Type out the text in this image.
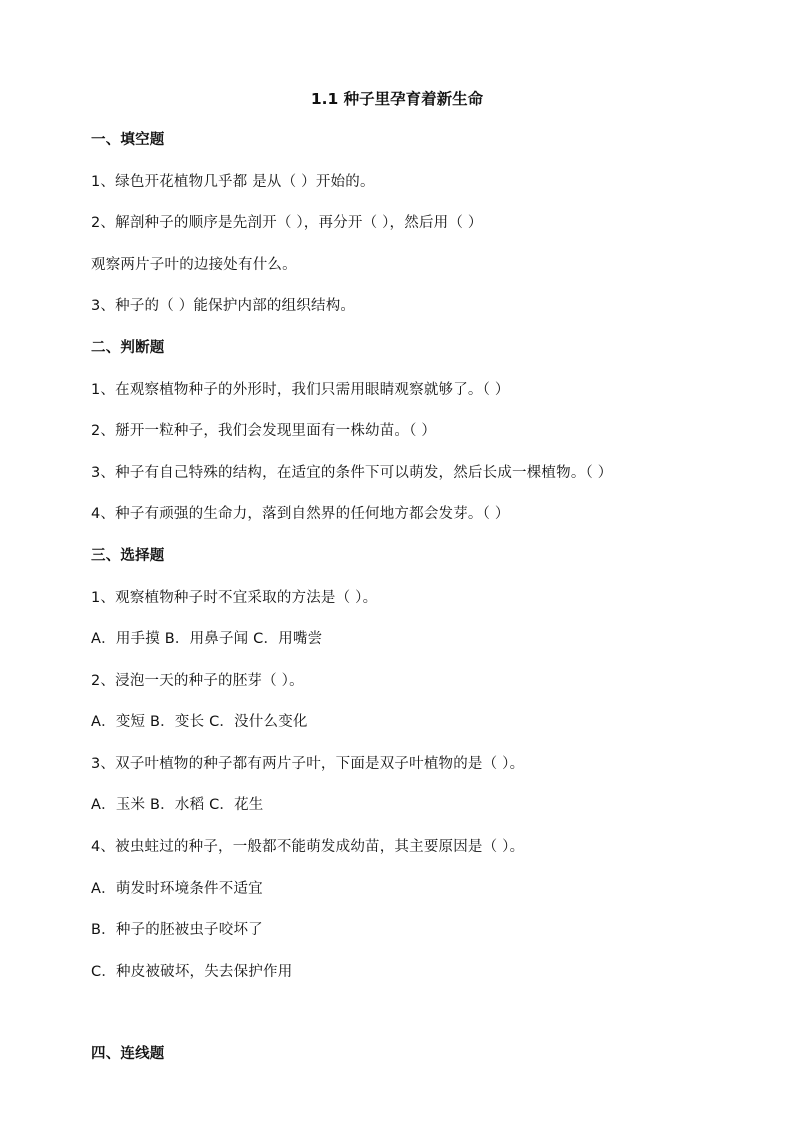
1.1 种子里孕育着新生命
一、填空题
1、绿色开花植物几乎都 是从（ ）开始的。
2、解剖种子的顺序是先剖开（ ），再分开（ ），然后用（ ）
观察两片子叶的边接处有什么。
3、种子的（ ）能保护内部的组织结构。
二、判断题
1、在观察植物种子的外形时，我们只需用眼睛观察就够了。（ ）
2、掰开一粒种子，我们会发现里面有一株幼苗。（ ）
3、种子有自己特殊的结构，在适宜的条件下可以萌发，然后长成一棵植物。（ ）
4、种子有顽强的生命力，落到自然界的任何地方都会发芽。（ ）
三、选择题
1、观察植物种子时不宜采取的方法是（ ）。
A．用手摸 B．用鼻子闻 C．用嘴尝
2、浸泡一天的种子的胚芽（ ）。
A．变短 B．变长 C．没什么变化
3、双子叶植物的种子都有两片子叶，下面是双子叶植物的是（ ）。
A．玉米 B．水稻 C．花生
4、被虫蛀过的种子，一般都不能萌发成幼苗，其主要原因是（ ）。
A．萌发时环境条件不适宜
B．种子的胚被虫子咬坏了
C．种皮被破坏，失去保护作用
四、连线题
